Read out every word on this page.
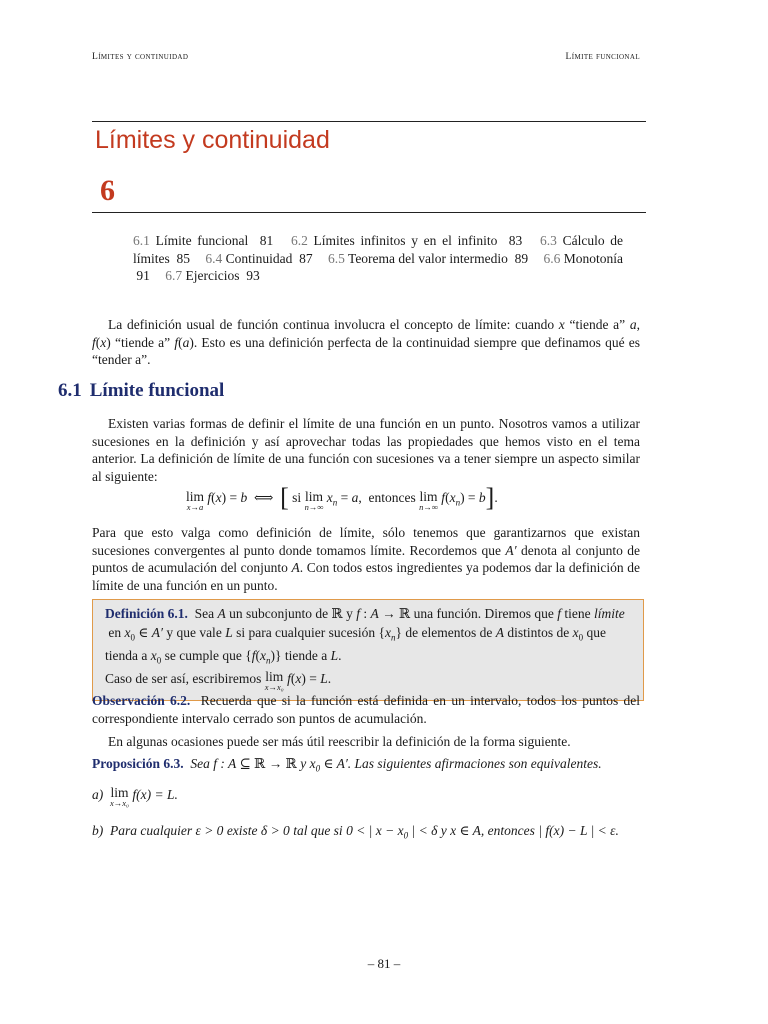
Límites y continuidad	Límite funcional
Límites y continuidad
6
6.1 Límite funcional 81 6.2 Límites infinitos y en el infinito 83 6.3 Cálculo de límites 85 6.4 Continuidad 87 6.5 Teorema del valor intermedio 89 6.6 Monotonía  91 6.7 Ejercicios 93

La definición usual de función continua involucra el concepto de límite: cuando x “tiende a” a, f(x) “tiende a” f(a). Esto es una definición perfecta de la continuidad siempre que definamos qué es “tender a”.

6.1 Límite funcional

Existen varias formas de definir el límite de una función en un punto. Nosotros vamos a utilizar sucesiones en la definición y así aprovechar todas las propiedades que hemos visto en el tema anterior. La definición de límite de una función con sucesiones va a tener siempre un aspecto similar al siguiente:

lim
x→a
f(x) = b  ⟺  [ si lim
n→∞
$x_n = a$,  entonces lim
n→∞
$f(x_n) = b$].

Para que esto valga como definición de límite, sólo tenemos que garantizarnos que existan sucesiones convergentes al punto donde tomamos límite. Recordemos que A′ denota al conjunto de puntos de acumulación del conjunto A. Con todos estos ingredientes ya podemos dar la definición de límite de una función en un punto.

Definición 6.1. Sea A un subconjunto de ℝ y f : A → ℝ una función. Diremos que f tiene límite  en $x_0$ ∈ A′ y que vale L si para cualquier sucesión $\{x_n\}$ de elementos de A distintos de $x_0$ que tienda a $x_0$ se cumple que $\{f(x_n)\}$ tiende a L.
Caso de ser así, escribiremos lim
x→x₀
f(x) = L.

Observación 6.2. Recuerda que si la función está definida en un intervalo, todos los puntos del correspondiente intervalo cerrado son puntos de acumulación.

En algunas ocasiones puede ser más útil reescribir la definición de la forma siguiente.

Proposición 6.3. Sea f : A ⊆ ℝ → ℝ y $x_0$ ∈ A′. Las siguientes afirmaciones son equivalentes.

a) lim
x→x₀
f(x) = L.
b) Para cualquier ε > 0 existe δ > 0 tal que si 0 < | $x - x_0$ | < δ y x ∈ A, entonces | f(x) − L | < ε.
– 81 –
